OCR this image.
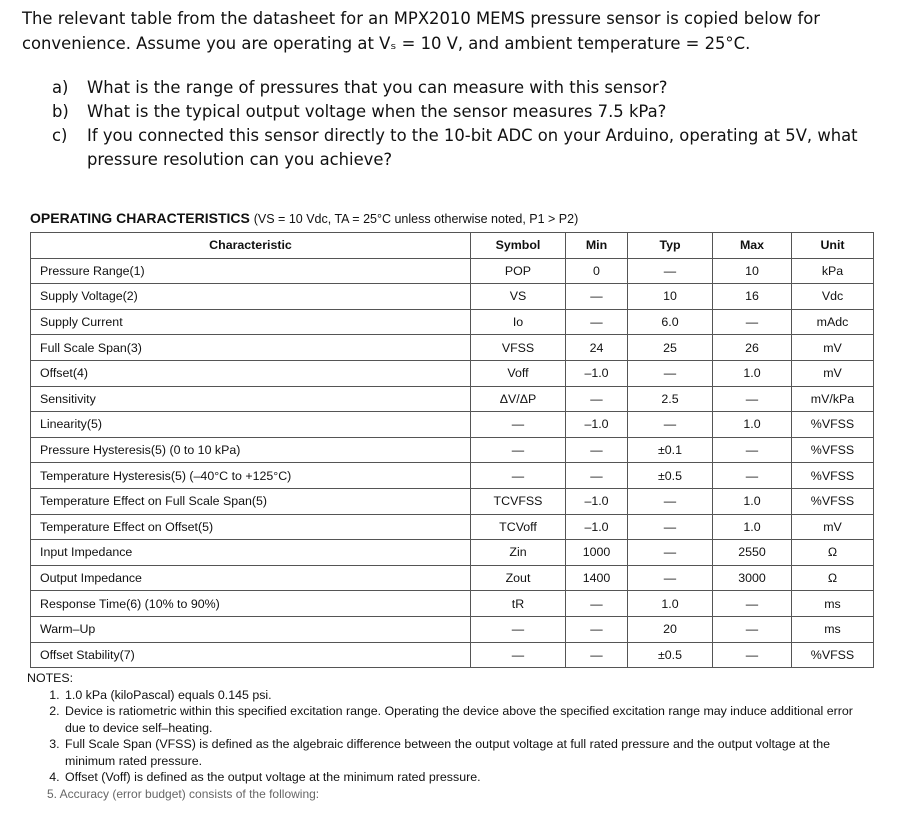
The relevant table from the datasheet for an MPX2010 MEMS pressure sensor is copied below for convenience. Assume you are operating at Vₛ = 10 V, and ambient temperature = 25°C.

a) What is the range of pressures that you can measure with this sensor?
b) What is the typical output voltage when the sensor measures 7.5 kPa?
c) If you connected this sensor directly to the 10-bit ADC on your Arduino, operating at 5V, what pressure resolution can you achieve?
OPERATING CHARACTERISTICS (VS = 10 Vdc, TA = 25°C unless otherwise noted, P1 > P2)
Characteristic	Symbol	Min	Typ	Max	Unit
Pressure Range(1)	POP	0	—	10	kPa
Supply Voltage(2)	VS	—	10	16	Vdc
Supply Current	Io	—	6.0	—	mAdc
Full Scale Span(3)	VFSS	24	25	26	mV
Offset(4)	Voff	–1.0	—	1.0	mV
Sensitivity	ΔV/ΔP	—	2.5	—	mV/kPa
Linearity(5)	—	–1.0	—	1.0	%VFSS
Pressure Hysteresis(5) (0 to 10 kPa)	—	—	±0.1	—	%VFSS
Temperature Hysteresis(5) (–40°C to +125°C)	—	—	±0.5	—	%VFSS
Temperature Effect on Full Scale Span(5)	TCVFSS	–1.0	—	1.0	%VFSS
Temperature Effect on Offset(5)	TCVoff	–1.0	—	1.0	mV
Input Impedance	Zin	1000	—	2550	Ω
Output Impedance	Zout	1400	—	3000	Ω
Response Time(6) (10% to 90%)	tR	—	1.0	—	ms
Warm–Up	—	—	20	—	ms
Offset Stability(7)	—	—	±0.5	—	%VFSS
NOTES:
1. 1.0 kPa (kiloPascal) equals 0.145 psi.
2. Device is ratiometric within this specified excitation range. Operating the device above the specified excitation range may induce additional error due to device self–heating.
3. Full Scale Span (VFSS) is defined as the algebraic difference between the output voltage at full rated pressure and the output voltage at the minimum rated pressure.
4. Offset (Voff) is defined as the output voltage at the minimum rated pressure.
5. Accuracy (error budget) consists of the following:
